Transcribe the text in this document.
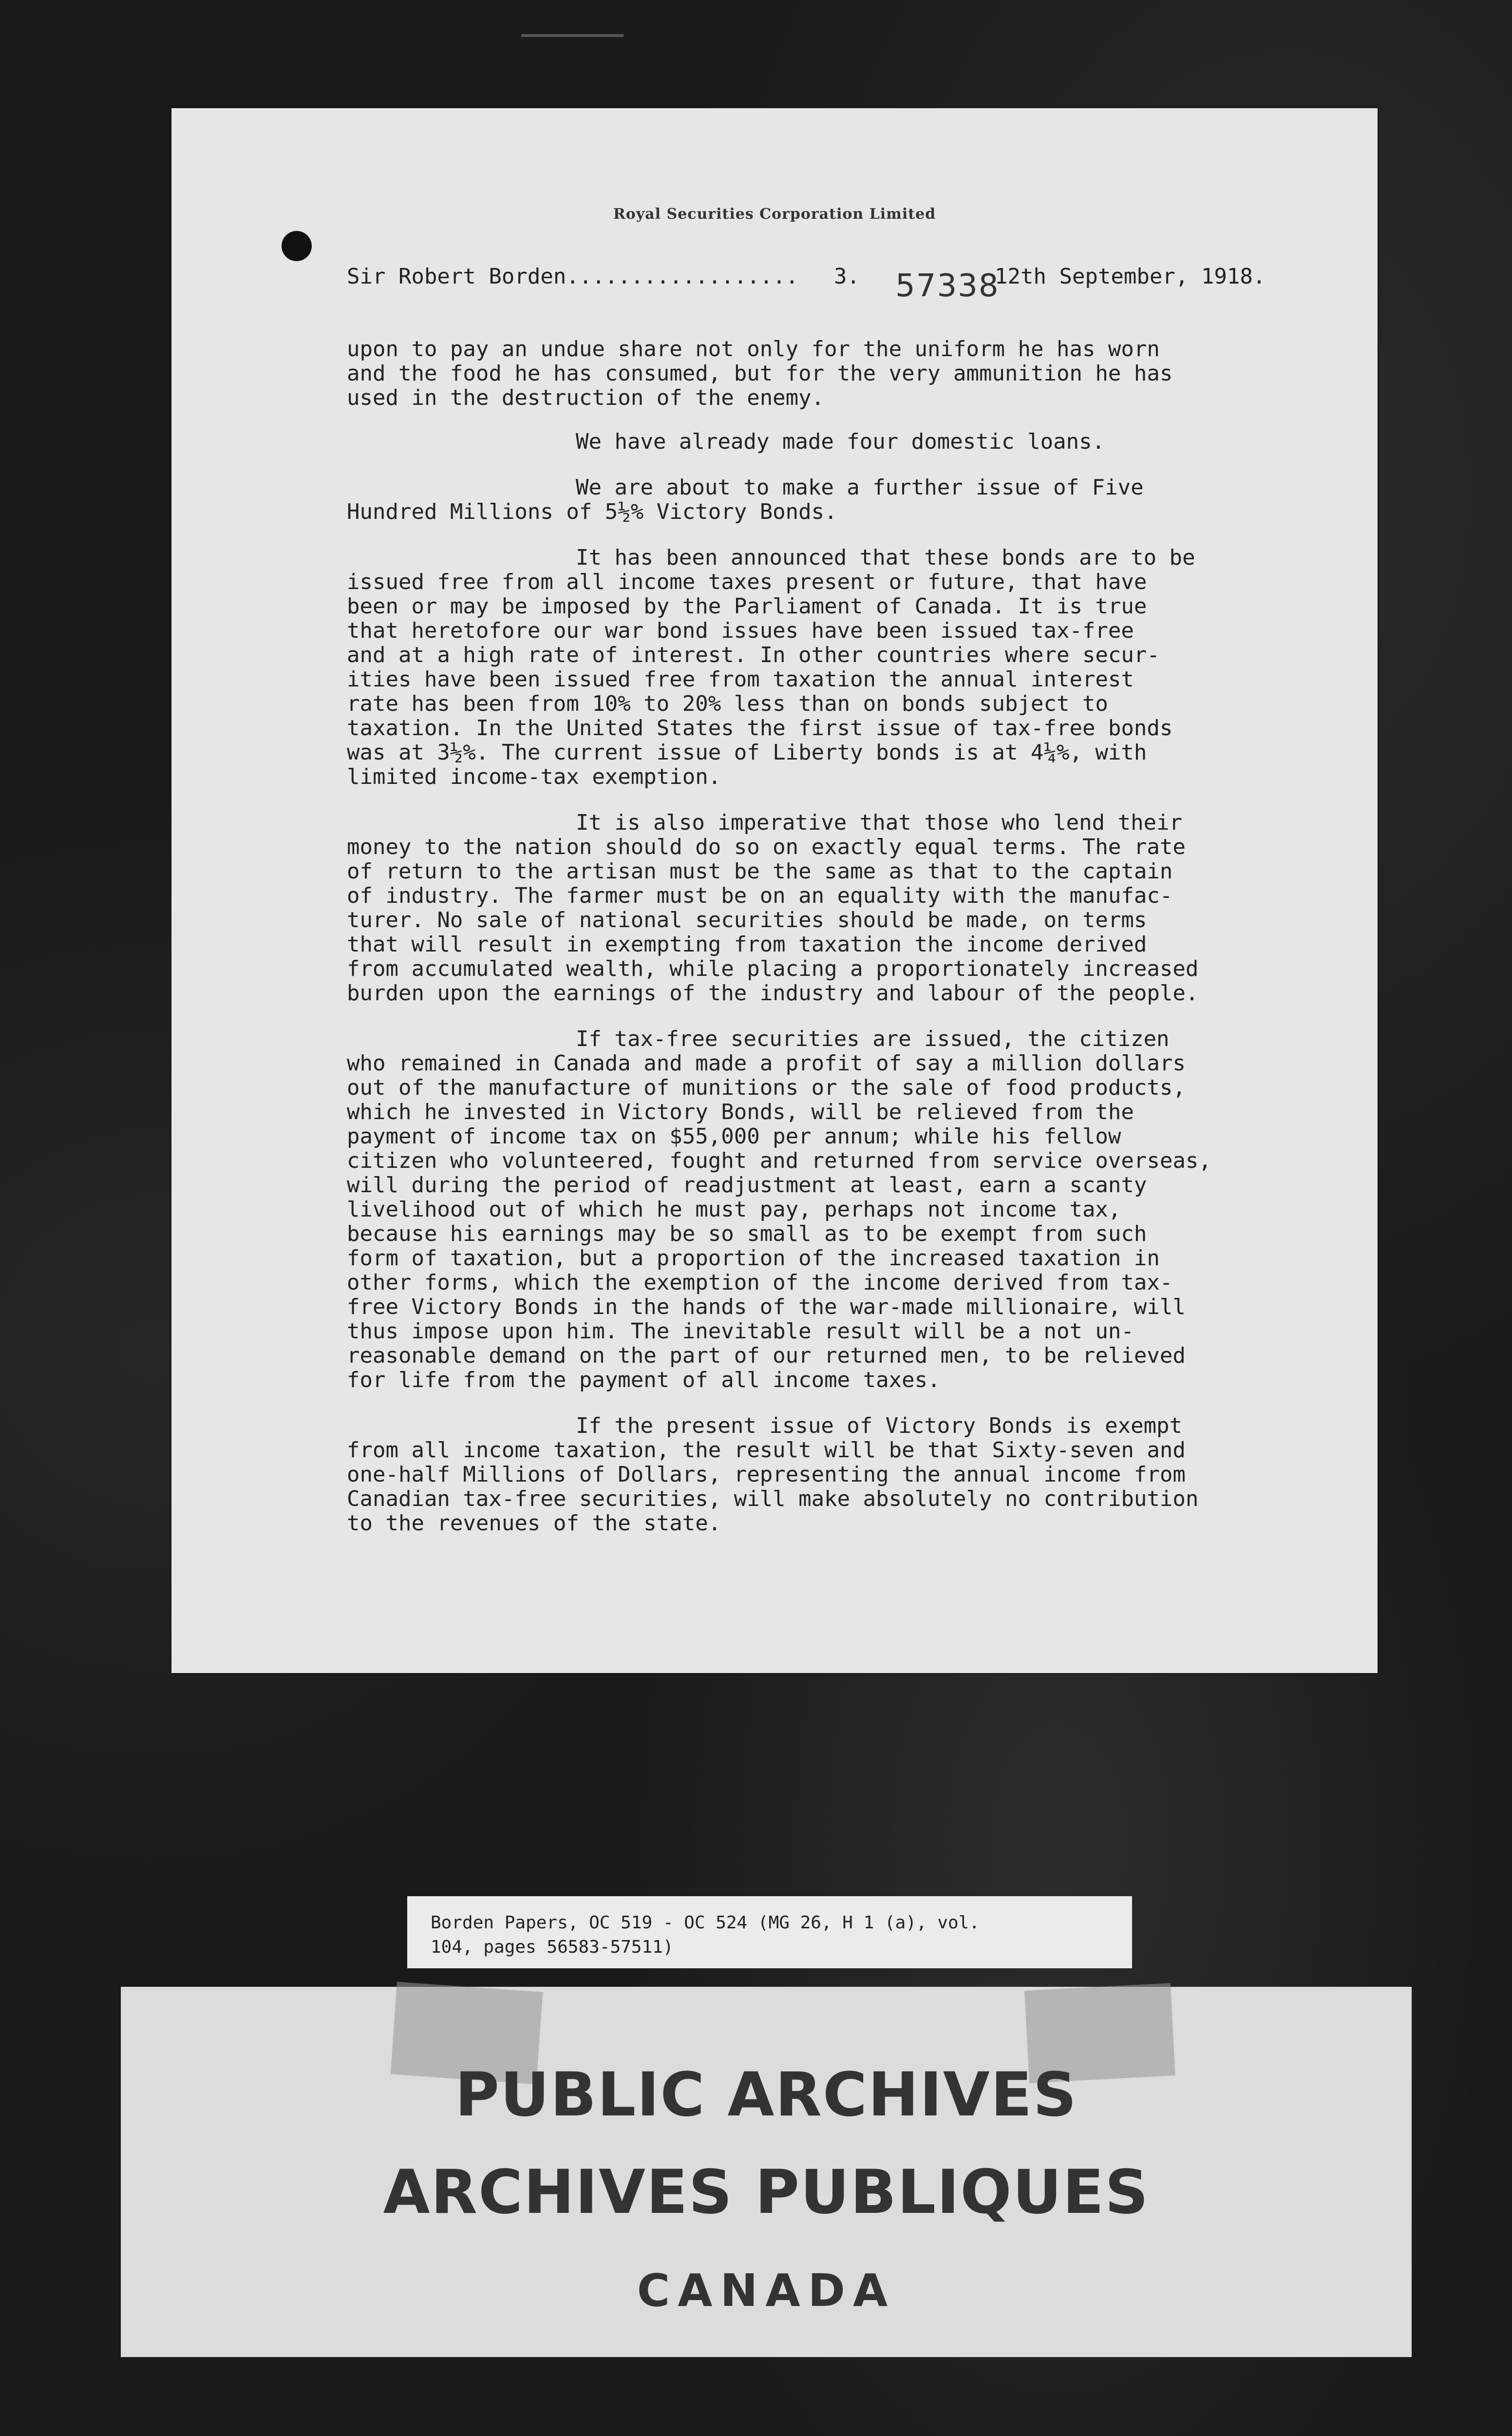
Royal Securities Corporation Limited

Sir Robert Borden..................

3.

57338

12th September, 1918.

upon to pay an undue share not only for the uniform he has worn
and the food he has consumed, but for the very ammunition he has
used in the destruction of the enemy.

We have already made four domestic loans.

We are about to make a further issue of Five
Hundred Millions of 5½% Victory Bonds.

It has been announced that these bonds are to be
issued free from all income taxes present or future, that have
been or may be imposed by the Parliament of Canada. It is true
that heretofore our war bond issues have been issued tax-free
and at a high rate of interest. In other countries where secur-
ities have been issued free from taxation the annual interest
rate has been from 10% to 20% less than on bonds subject to
taxation. In the United States the first issue of tax-free bonds
was at 3½%. The current issue of Liberty bonds is at 4¼%, with
limited income-tax exemption.

It is also imperative that those who lend their
money to the nation should do so on exactly equal terms. The rate
of return to the artisan must be the same as that to the captain
of industry. The farmer must be on an equality with the manufac-
turer. No sale of national securities should be made, on terms
that will result in exempting from taxation the income derived
from accumulated wealth, while placing a proportionately increased
burden upon the earnings of the industry and labour of the people.

If tax-free securities are issued, the citizen
who remained in Canada and made a profit of say a million dollars
out of the manufacture of munitions or the sale of food products,
which he invested in Victory Bonds, will be relieved from the
payment of income tax on $55,000 per annum; while his fellow
citizen who volunteered, fought and returned from service overseas,
will during the period of readjustment at least, earn a scanty
livelihood out of which he must pay, perhaps not income tax,
because his earnings may be so small as to be exempt from such
form of taxation, but a proportion of the increased taxation in
other forms, which the exemption of the income derived from tax-
free Victory Bonds in the hands of the war-made millionaire, will
thus impose upon him. The inevitable result will be a not un-
reasonable demand on the part of our returned men, to be relieved
for life from the payment of all income taxes.

If the present issue of Victory Bonds is exempt
from all income taxation, the result will be that Sixty-seven and
one-half Millions of Dollars, representing the annual income from
Canadian tax-free securities, will make absolutely no contribution
to the revenues of the state.

Borden Papers, OC 519 - OC 524 (MG 26, H 1 (a), vol.
104, pages 56583-57511)
PUBLIC ARCHIVES
ARCHIVES PUBLIQUES
CANADA
